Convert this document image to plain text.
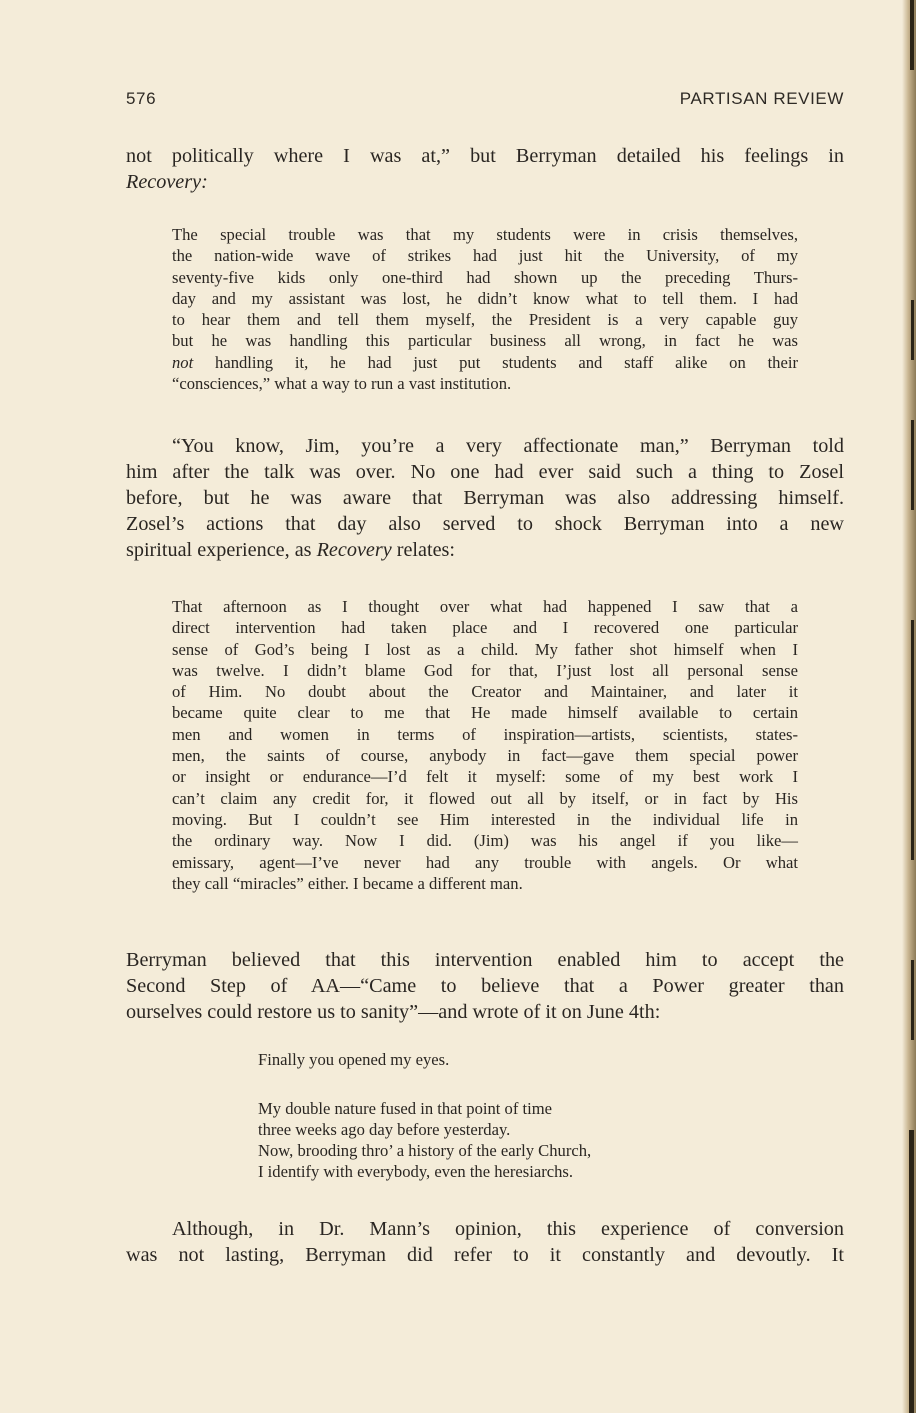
576	PARTISAN REVIEW
not politically where I was at,” but Berryman detailed his feelings in
Recovery:
The special trouble was that my students were in crisis themselves,
the nation-wide wave of strikes had just hit the University, of my
seventy-five kids only one-third had shown up the preceding Thurs-
day and my assistant was lost, he didn’t know what to tell them. I had
to hear them and tell them myself, the President is a very capable guy
but he was handling this particular business all wrong, in fact he was
not handling it, he had just put students and staff alike on their
“consciences,” what a way to run a vast institution.
“You know, Jim, you’re a very affectionate man,” Berryman told
him after the talk was over. No one had ever said such a thing to Zosel
before, but he was aware that Berryman was also addressing himself.
Zosel’s actions that day also served to shock Berryman into a new
spiritual experience, as Recovery relates:
That afternoon as I thought over what had happened I saw that a
direct intervention had taken place and I recovered one particular
sense of God’s being I lost as a child. My father shot himself when I
was twelve. I didn’t blame God for that, I’just lost all personal sense
of Him. No doubt about the Creator and Maintainer, and later it
became quite clear to me that He made himself available to certain
men and women in terms of inspiration—artists, scientists, states-
men, the saints of course, anybody in fact—gave them special power
or insight or endurance—I’d felt it myself: some of my best work I
can’t claim any credit for, it flowed out all by itself, or in fact by His
moving. But I couldn’t see Him interested in the individual life in
the ordinary way. Now I did. (Jim) was his angel if you like—
emissary, agent—I’ve never had any trouble with angels. Or what
they call “miracles” either. I became a different man.
Berryman believed that this intervention enabled him to accept the
Second Step of AA—“Came to believe that a Power greater than
ourselves could restore us to sanity”—and wrote of it on June 4th:
Finally you opened my eyes.
My double nature fused in that point of time
three weeks ago day before yesterday.
Now, brooding thro’ a history of the early Church,
I identify with everybody, even the heresiarchs.
Although, in Dr. Mann’s opinion, this experience of conversion
was not lasting, Berryman did refer to it constantly and devoutly. It
